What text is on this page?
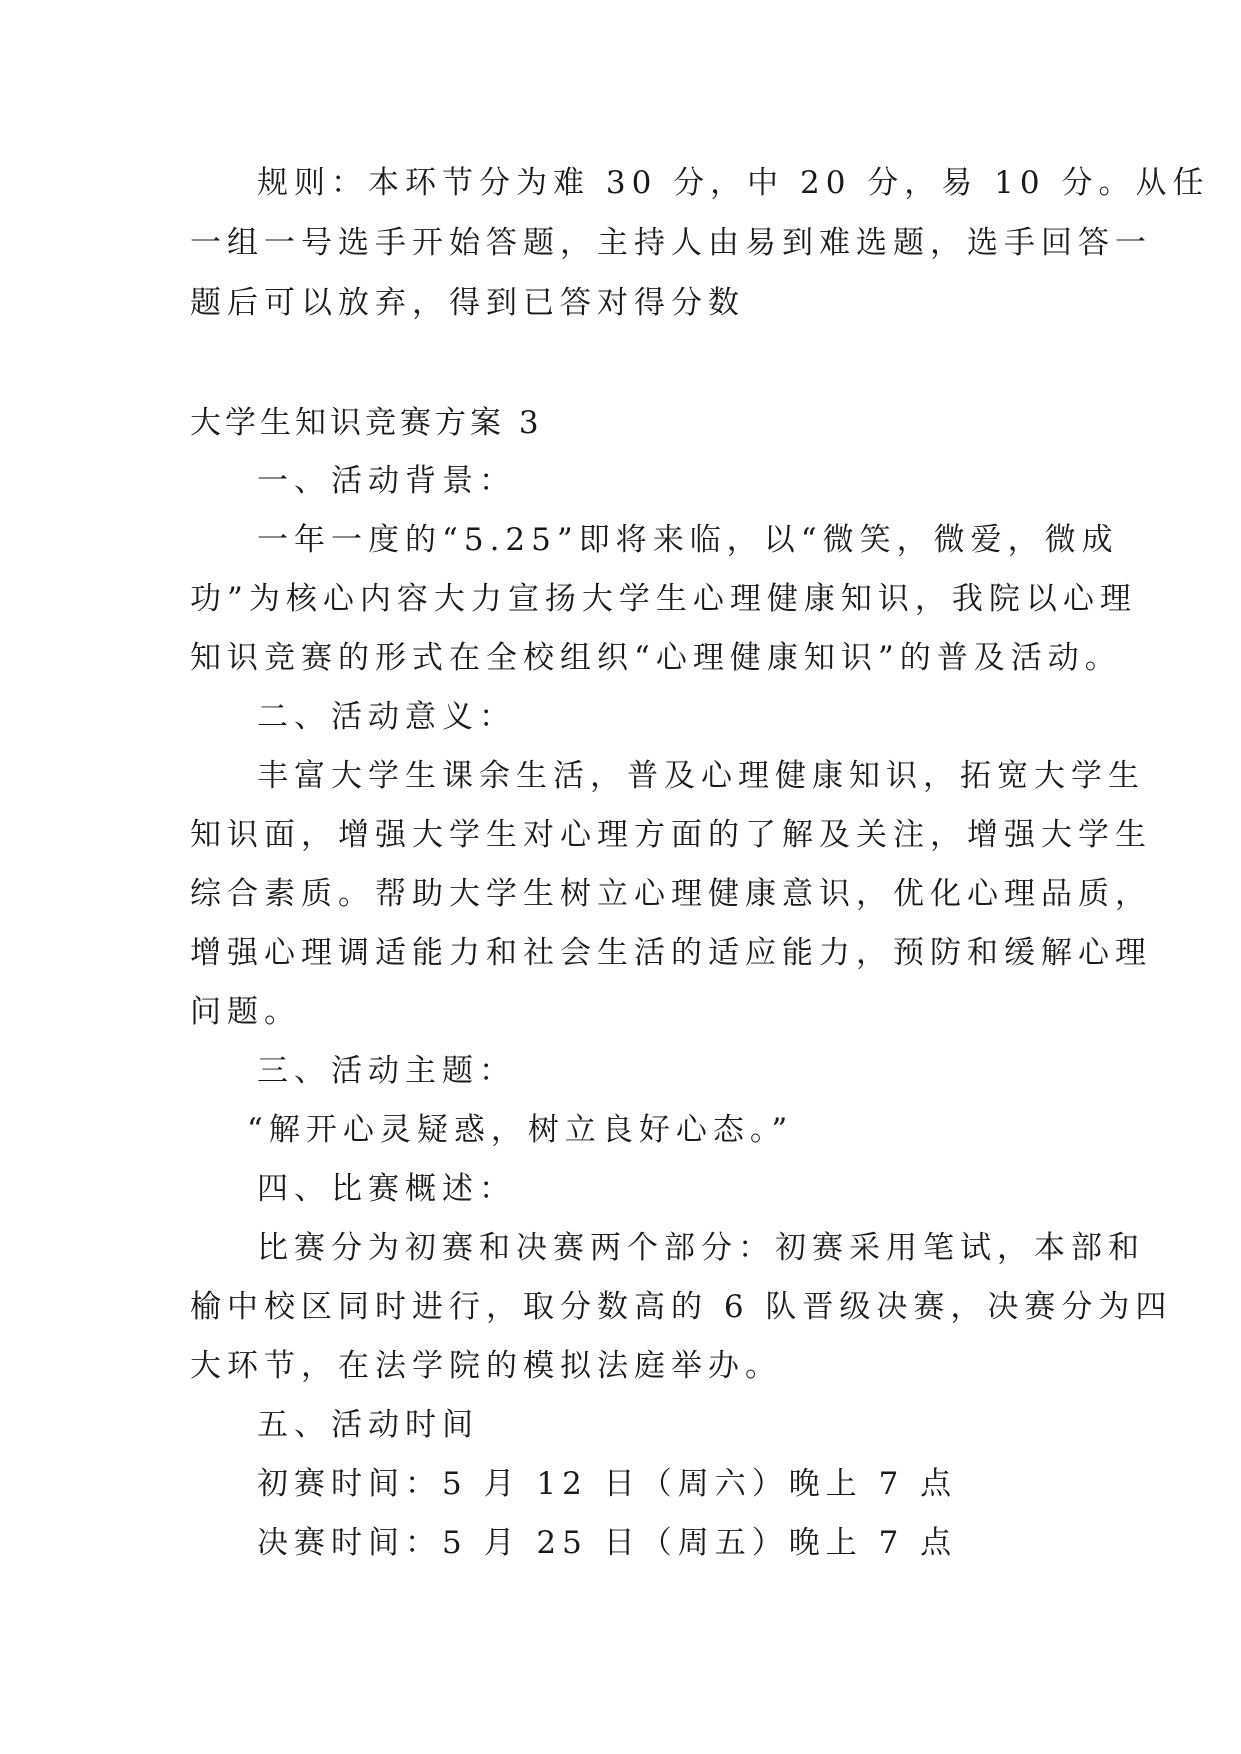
规则：本环节分为难 30 分，中 20 分，易 10 分。从任
一组一号选手开始答题，主持人由易到难选题，选手回答一
题后可以放弃，得到已答对得分数
大学生知识竞赛方案 3
一、活动背景：
一年一度的“5.25”即将来临，以“微笑，微爱，微成
功”为核心内容大力宣扬大学生心理健康知识，我院以心理
知识竞赛的形式在全校组织“心理健康知识”的普及活动。
二、活动意义：
丰富大学生课余生活，普及心理健康知识，拓宽大学生
知识面，增强大学生对心理方面的了解及关注，增强大学生
综合素质。帮助大学生树立心理健康意识，优化心理品质，
增强心理调适能力和社会生活的适应能力，预防和缓解心理
问题。
三、活动主题：
“解开心灵疑惑，树立良好心态。”
四、比赛概述：
比赛分为初赛和决赛两个部分：初赛采用笔试，本部和
榆中校区同时进行，取分数高的 6 队晋级决赛，决赛分为四
大环节，在法学院的模拟法庭举办。
五、活动时间
初赛时间：5 月 12 日（周六）晚上 7 点
决赛时间：5 月 25 日（周五）晚上 7 点
